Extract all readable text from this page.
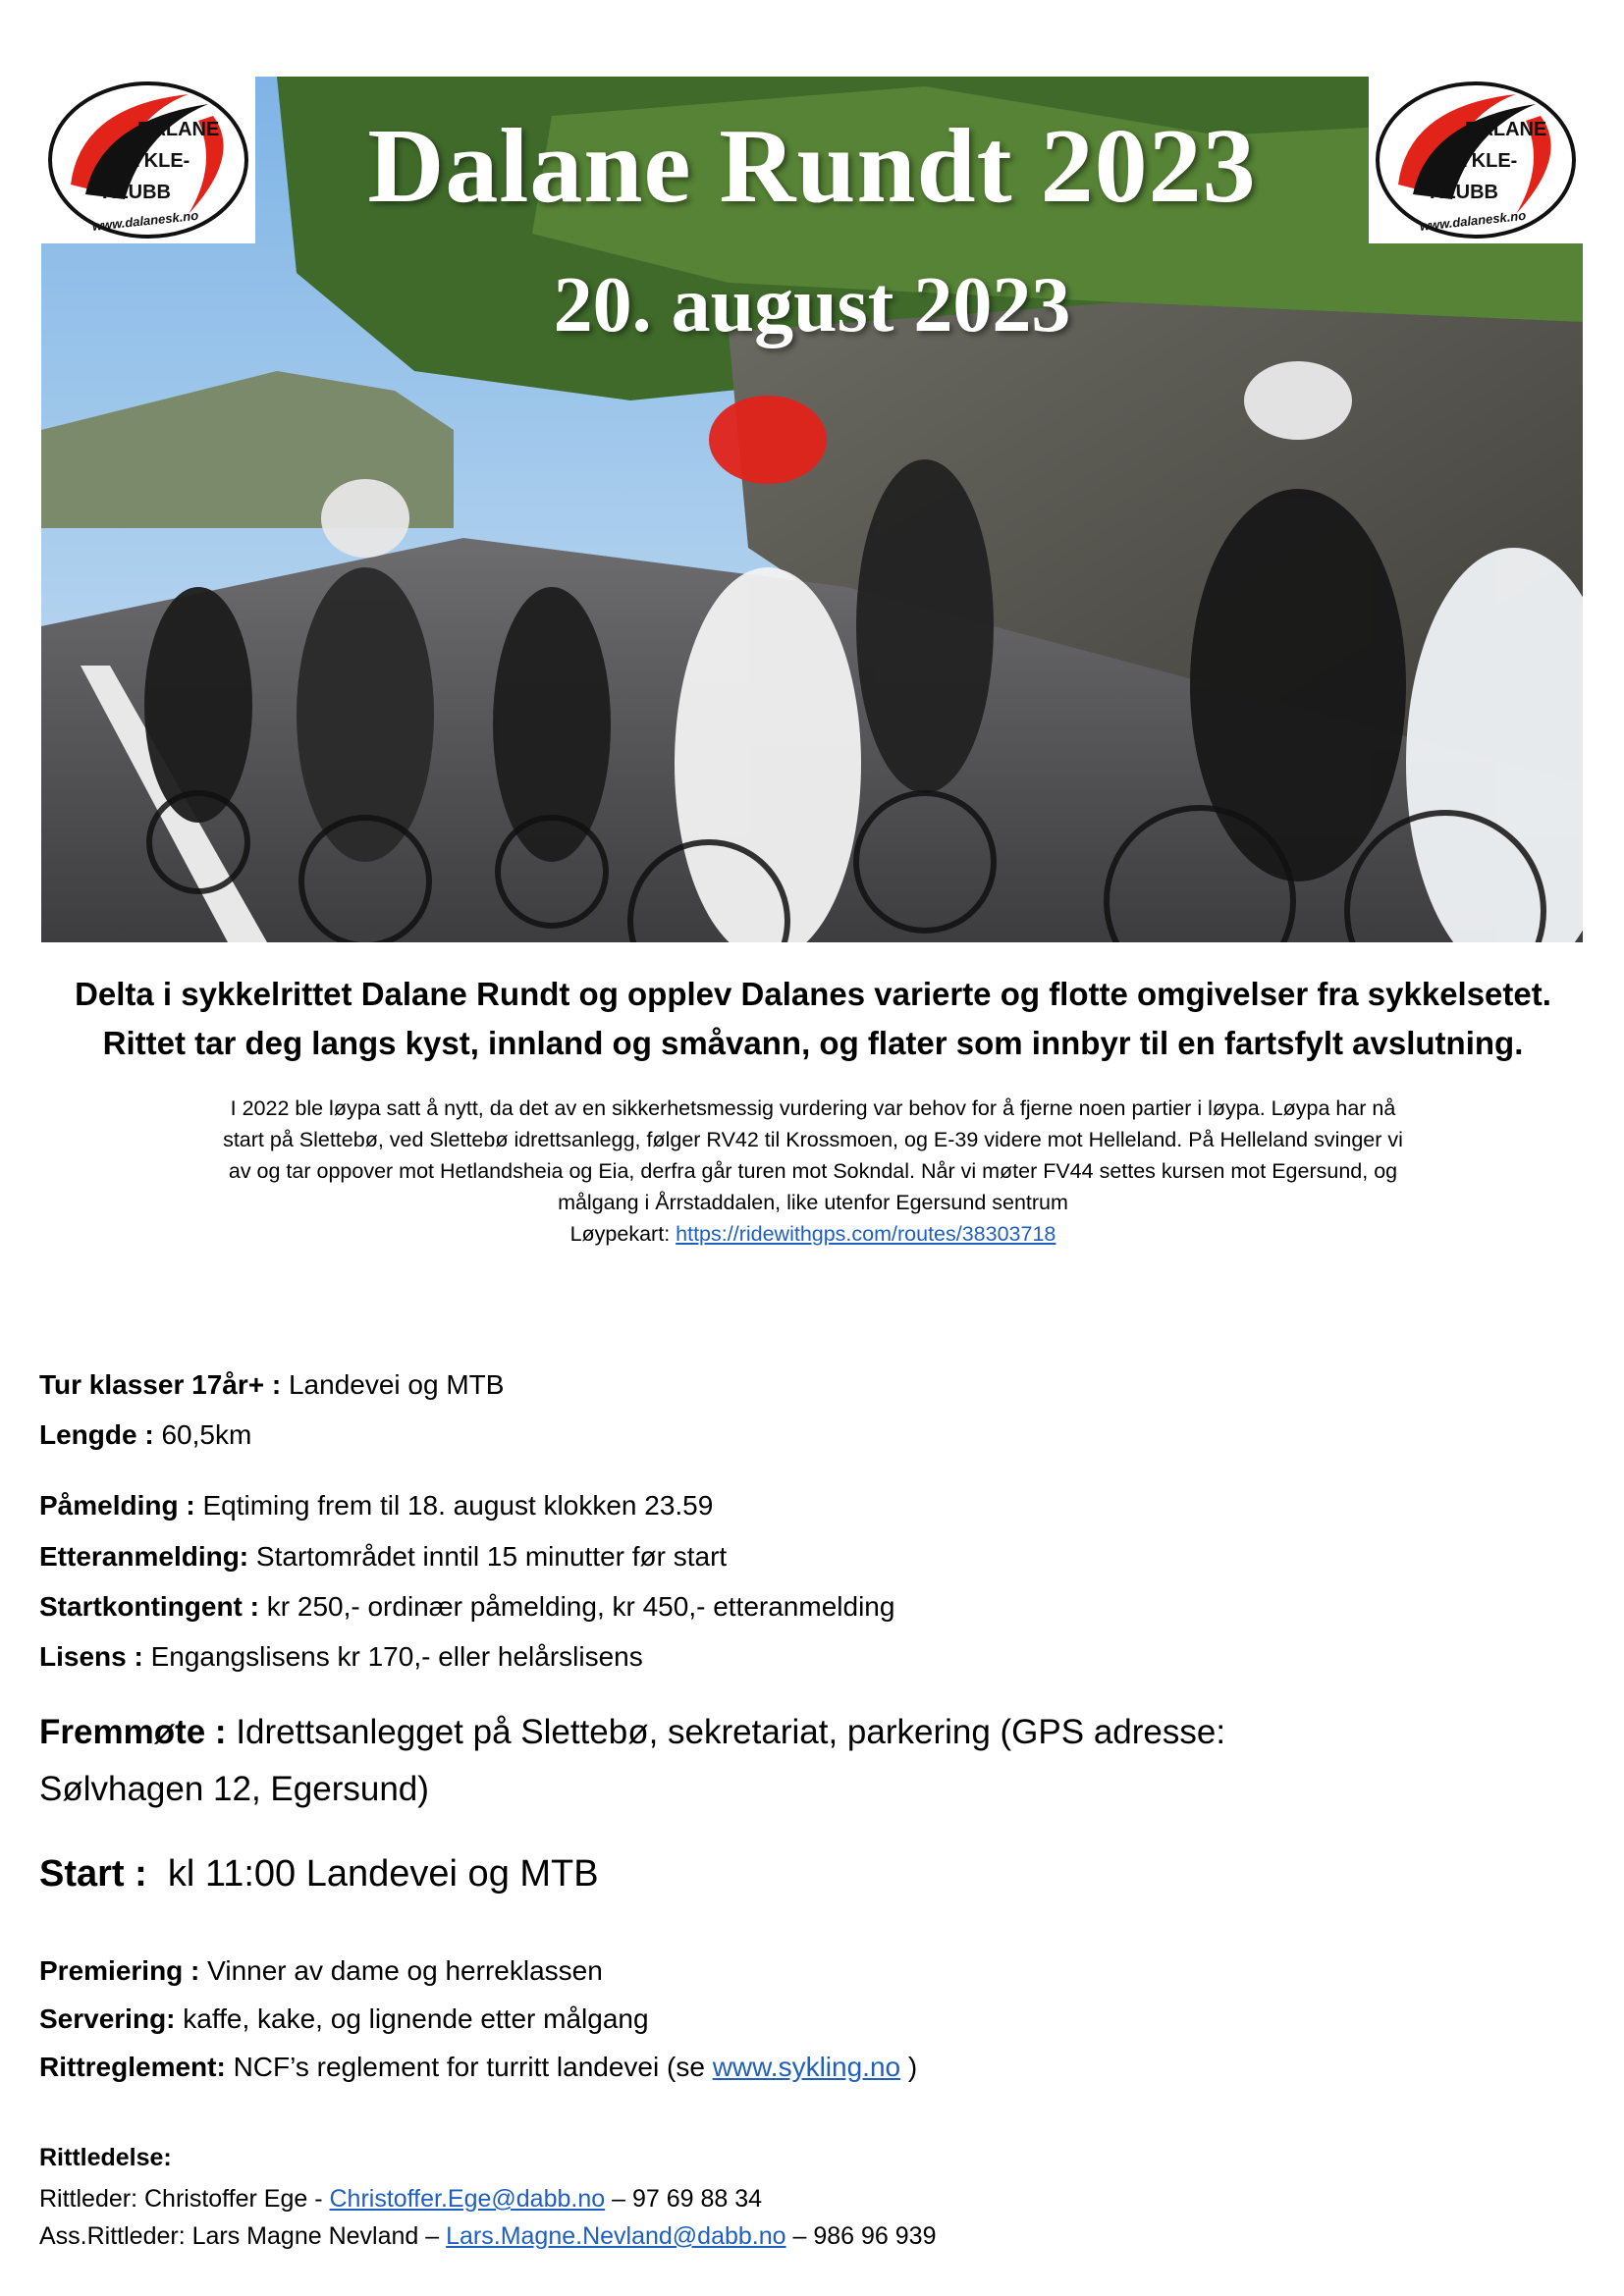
Dalane Rundt 2023
20. august 2023
DALANE
SYKLE-
KLUBB
www.dalanesk.no
DALANE
SYKLE-
KLUBB
www.dalanesk.no
Delta i sykkelrittet Dalane Rundt og opplev Dalanes varierte og flotte omgivelser fra sykkelsetet. Rittet tar deg langs kyst, innland og småvann, og flater som innbyr til en fartsfylt avslutning.
I 2022 ble løypa satt å nytt, da det av en sikkerhetsmessig vurdering var behov for å fjerne noen partier i løypa. Løypa har nå
start på Slettebø, ved Slettebø idrettsanlegg, følger RV42 til Krossmoen, og E-39 videre mot Helleland. På Helleland svinger vi
av og tar oppover mot Hetlandsheia og Eia, derfra går turen mot Sokndal. Når vi møter FV44 settes kursen mot Egersund, og
målgang i Årrstaddalen, like utenfor Egersund sentrum
Løypekart: https://ridewithgps.com/routes/38303718
Tur klasser 17år+ : Landevei og MTB
Lengde : 60,5km
Påmelding : Eqtiming frem til 18. august klokken 23.59
Etteranmelding: Startområdet inntil 15 minutter før start
Startkontingent : kr 250,- ordinær påmelding, kr 450,- etteranmelding
Lisens : Engangslisens kr 170,- eller helårslisens
Fremmøte : Idrettsanlegget på Slettebø, sekretariat, parkering (GPS adresse:
Sølvhagen 12, Egersund)
Start : kl 11:00 Landevei og MTB
Premiering : Vinner av dame og herreklassen
Servering: kaffe, kake, og lignende etter målgang
Rittreglement: NCF’s reglement for turritt landevei (se www.sykling.no )
Rittledelse:
Rittleder: Christoffer Ege - Christoffer.Ege@dabb.no – 97 69 88 34
Ass.Rittleder: Lars Magne Nevland – Lars.Magne.Nevland@dabb.no – 986 96 939
